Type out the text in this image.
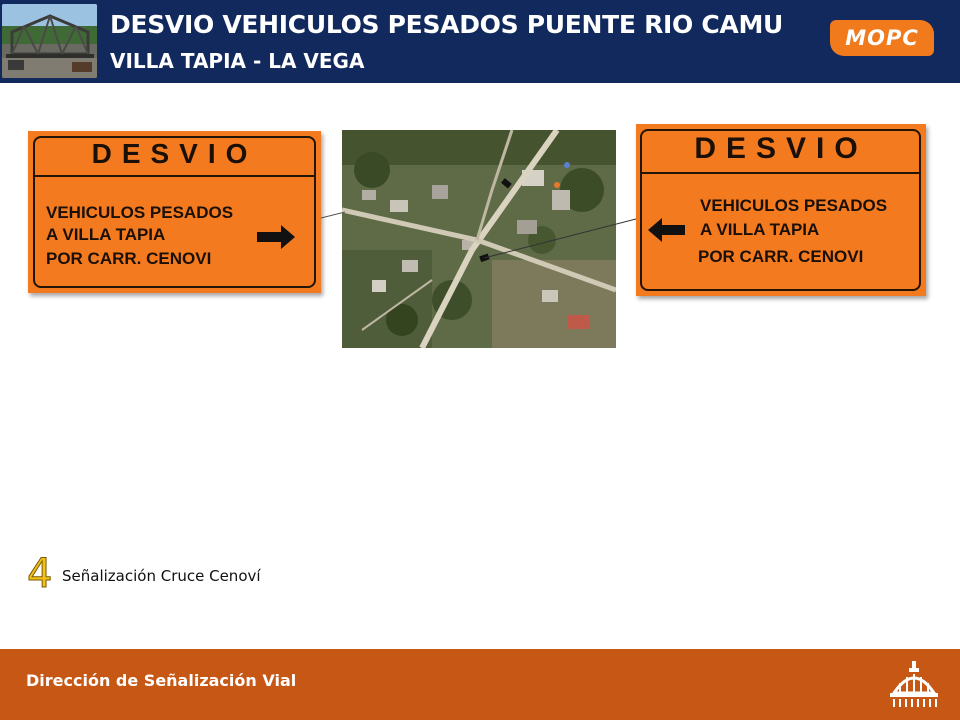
DESVIO VEHICULOS PESADOS PUENTE RIO CAMU
VILLA TAPIA - LA VEGA
MOPC
DESVIO
VEHICULOS PESADOS
A VILLA TAPIA
POR CARR. CENOVI
DESVIO
VEHICULOS PESADOS
A VILLA TAPIA
POR CARR. CENOVI
4 Señalización Cruce Cenoví
Dirección de Señalización Vial
